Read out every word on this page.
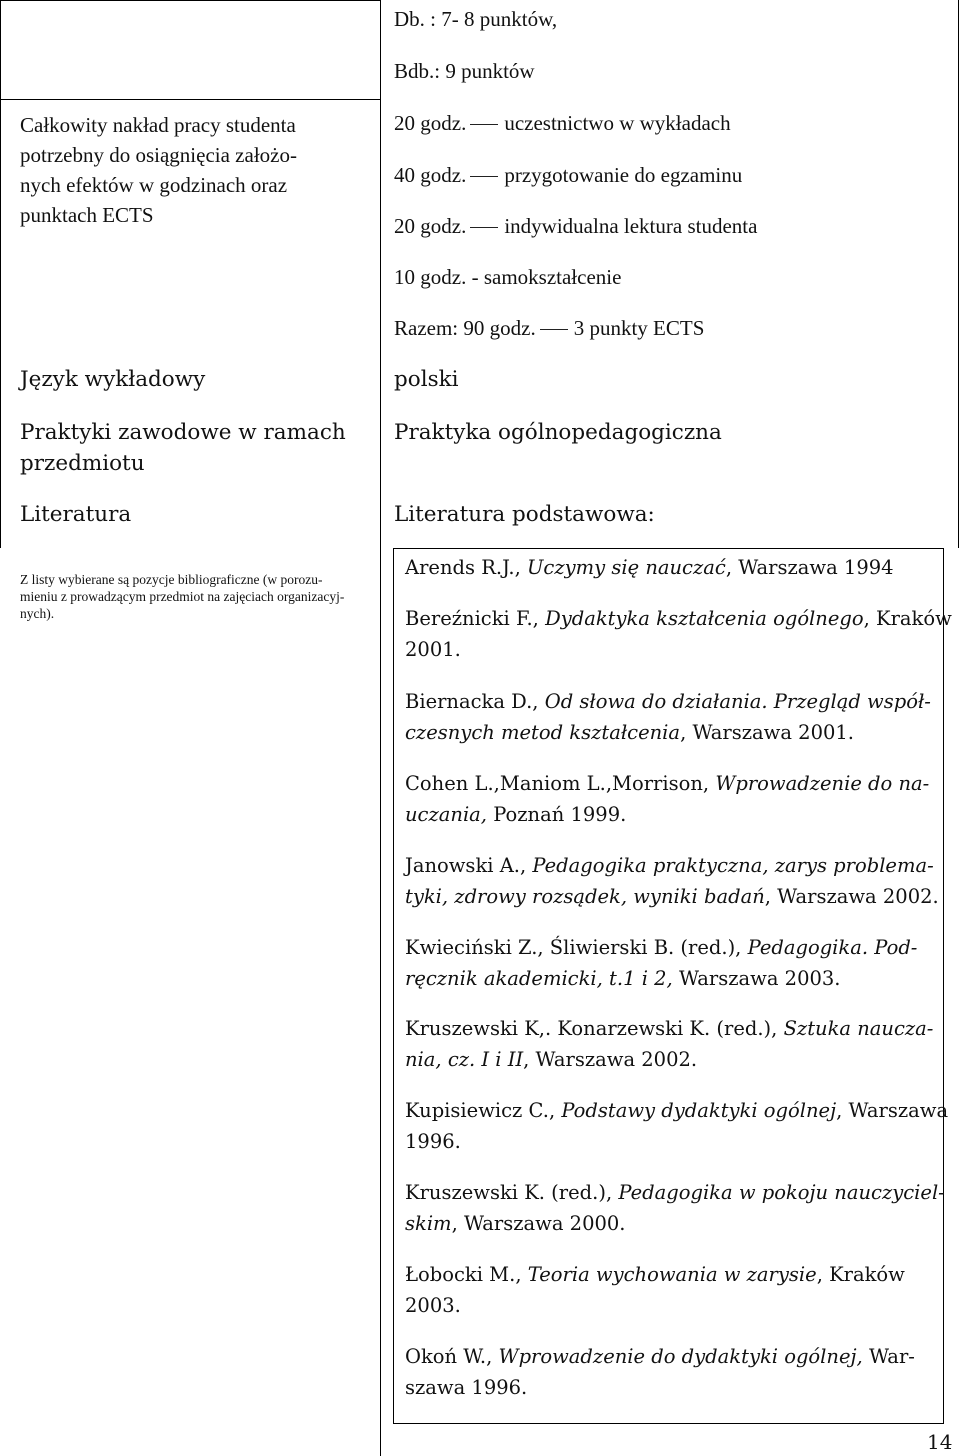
Db. : 7- 8 punktów,
Bdb.: 9 punktów
Całkowity nakład pracy studenta
potrzebny do osiągnięcia założo-
nych efektów w godzinach oraz
punktach ECTS
20 godz. uczestnictwo w wykładach
40 godz. przygotowanie do egzaminu
20 godz. indywidualna lektura studenta
10 godz. - samokształcenie
Razem: 90 godz. 3 punkty ECTS
Język wykładowy	polski
Praktyki zawodowe w ramach
przedmiotu
Praktyka ogólnopedagogiczna
Literatura	Literatura podstawowa:
Z listy wybierane są pozycje bibliograficzne (w porozu-
mieniu z prowadzącym przedmiot na zajęciach organizacyj-
nych).
Arends R.J., Uczymy się nauczać, Warszawa 1994
Bereźnicki F., Dydaktyka kształcenia ogólnego, Kraków
2001.
Biernacka D., Od słowa do działania. Przegląd współ-
czesnych metod kształcenia, Warszawa 2001.
Cohen L.,Maniom L.,Morrison, Wprowadzenie do na-
uczania, Poznań 1999.
Janowski A., Pedagogika praktyczna, zarys problema-
tyki, zdrowy rozsądek, wyniki badań, Warszawa 2002.
Kwieciński Z., Śliwierski B. (red.), Pedagogika. Pod-
ręcznik akademicki, t.1 i 2, Warszawa 2003.
Kruszewski K,. Konarzewski K. (red.), Sztuka naucza-
nia, cz. I i II, Warszawa 2002.
Kupisiewicz C., Podstawy dydaktyki ogólnej, Warszawa
1996.
Kruszewski K. (red.), Pedagogika w pokoju nauczyciel-
skim, Warszawa 2000.
Łobocki M., Teoria wychowania w zarysie, Kraków
2003.
Okoń W., Wprowadzenie do dydaktyki ogólnej, War-
szawa 1996.
14
